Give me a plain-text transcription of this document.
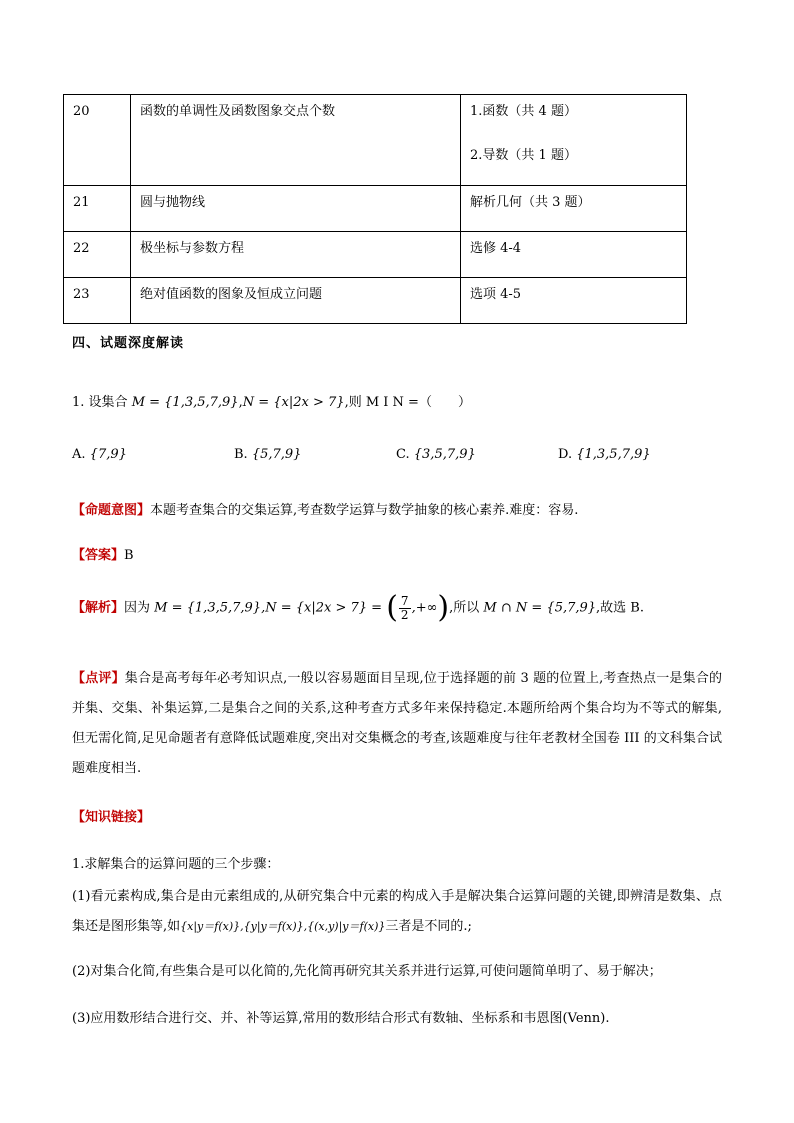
20	函数的单调性及函数图象交点个数	1.函数（共 4 题）
2.导数（共 1 题）

21	圆与抛物线	解析几何（共 3 题）
22	极坐标与参数方程	选修 4-4
23	绝对值函数的图象及恒成立问题	选项 4-5
四、试题深度解读
1. 设集合 M = {1,3,5,7,9},N = {x|2x > 7},则 M I N =（　　）
A. {7,9}	B. {5,7,9}	C. {3,5,7,9}	D. {1,3,5,7,9}
【命题意图】本题考查集合的交集运算,考查数学运算与数学抽象的核心素养.难度：容易.
【答案】B
【解析】因为 M = {1,3,5,7,9},N = {x|2x > 7} = ( $\frac{7}{2}$ ,+∞),所以 M ∩ N = {5,7,9},故选 B.
【点评】集合是高考每年必考知识点,一般以容易题面目呈现,位于选择题的前 3 题的位置上,考查热点一是集合的并集、交集、补集运算,二是集合之间的关系,这种考查方式多年来保持稳定.本题所给两个集合均为不等式的解集,但无需化简,足见命题者有意降低试题难度,突出对交集概念的考查,该题难度与往年老教材全国卷 III 的文科集合试题难度相当.
【知识链接】
1.求解集合的运算问题的三个步骤：
(1)看元素构成,集合是由元素组成的,从研究集合中元素的构成入手是解决集合运算问题的关键,即辨清是数集、点集还是图形集等,如{x|y＝f(x)},{y|y＝f(x)},{(x,y)|y＝f(x)}三者是不同的.;
(2)对集合化简,有些集合是可以化简的,先化简再研究其关系并进行运算,可使问题简单明了、易于解决；
(3)应用数形结合进行交、并、补等运算,常用的数形结合形式有数轴、坐标系和韦恩图(Venn).
